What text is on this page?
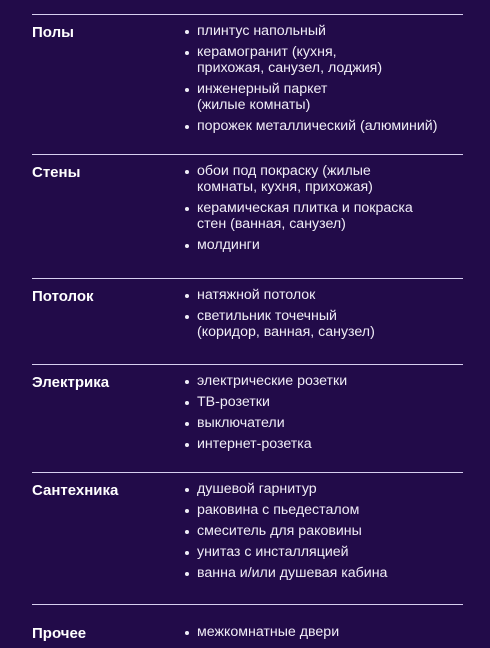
Полы	плинтус напольный
керамогранит (кухня,
прихожая, санузел, лоджия)
инженерный паркет
(жилые комнаты)
порожек металлический (алюминий)
Стены	обои под покраску (жилые
комнаты, кухня, прихожая)
керамическая плитка и покраска
стен (ванная, санузел)
молдинги
Потолок	натяжной потолок
светильник точечный
(коридор, ванная, санузел)
Электрика	электрические розетки
ТВ-розетки
выключатели
интернет-розетка
Сантехника	душевой гарнитур
раковина с пьедесталом
смеситель для раковины
унитаз с инсталляцией
ванна и/или душевая кабина
Прочее	межкомнатные двери
